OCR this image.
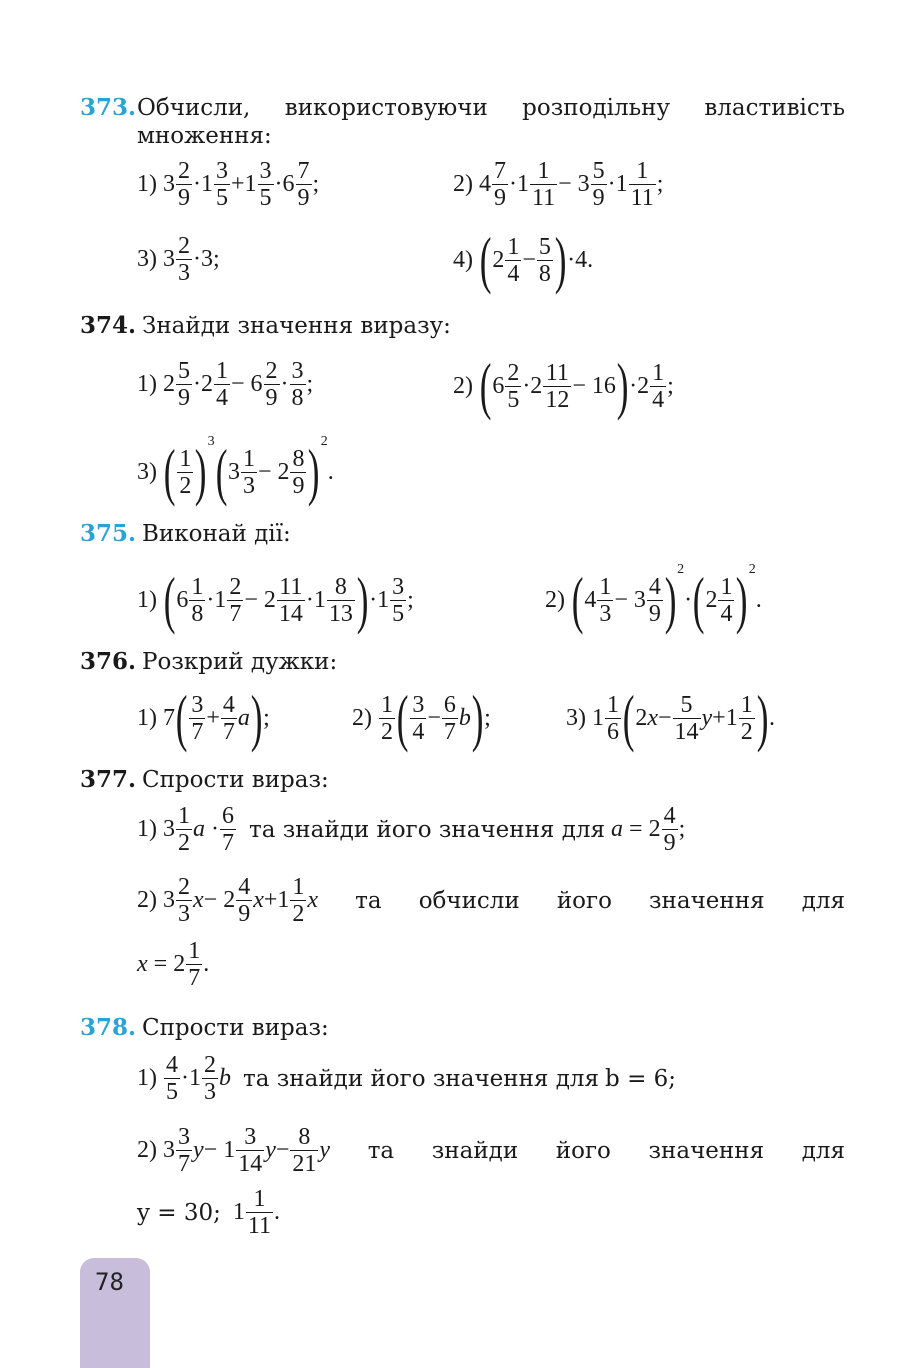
373. Обчисли, використовуючи розподільну властивість
множення:
1) $3 \frac{2}{9} \cdot 1 \frac{3}{5} +1 \frac{3}{5} \cdot 6 \frac{7}{9}$ ;	2) $4 \frac{7}{9} \cdot 1 \frac{1}{11} - 3 \frac{5}{9} \cdot 1 \frac{1}{11}$ ;
3) $3 \frac{2}{3} \cdot 3$;	4)
( $2 \frac{1}{4} - \frac{5}{8}$ ) ·4.
374. Знайди значення виразу:
1) $2 \frac{5}{9} \cdot 2 \frac{1}{4} - 6 \frac{2}{9} \cdot \frac{3}{8}$ ;	2)
( $6 \frac{2}{5} \cdot 2 \frac{11}{12} - 16$ ) $\cdot 2 \frac{1}{4}$ ;
3)
( $\frac{1}{2}$ ) 3 ( $3 \frac{1}{3} - 2 \frac{8}{9}$ ) 2
.
375. Виконай дії:
1)
( $6 \frac{1}{8} \cdot 1 \frac{2}{7} - 2 \frac{11}{14} \cdot 1 \frac{8}{13}$ ) $\cdot 1 \frac{3}{5}$ ;	2)
( $4 \frac{1}{3} - 3 \frac{4}{9}$ ) 2
· ( $2 \frac{1}{4}$ ) 2
.
376. Розкрий дужки:
1) 7 ( $\frac{3}{7} + \frac{4}{7}$ a ) ;	2)
$\frac{1}{2}$ ( $\frac{3}{4} - \frac{6}{7}$ b ) ;	3) $1 \frac{1}{6}$ ( 2 $x - \frac{5}{14}$ $y +1 \frac{1}{2}$ ) .
377. Спрости вираз:
1) $3 \frac{1}{2}$ $a \cdot \frac{6}{7}$
та знайди його значення для
$a = 2 \frac{4}{9}$ ;
2) $3 \frac{2}{3}$ $x - 2 \frac{4}{9}$ $x +1 \frac{1}{2}$ x та обчисли його значення для
$x = 2 \frac{1}{7}$ .
378. Спрости вираз:
1)
$\frac{4}{5} \cdot 1 \frac{2}{3}$ b
та знайди його значення для
b = 6;
2) $3 \frac{3}{7}$ $y - 1 \frac{3}{14}$ $y - \frac{8}{21}$ y та знайди його значення для
y = 30; $1 \frac{1}{11}$ .
78
